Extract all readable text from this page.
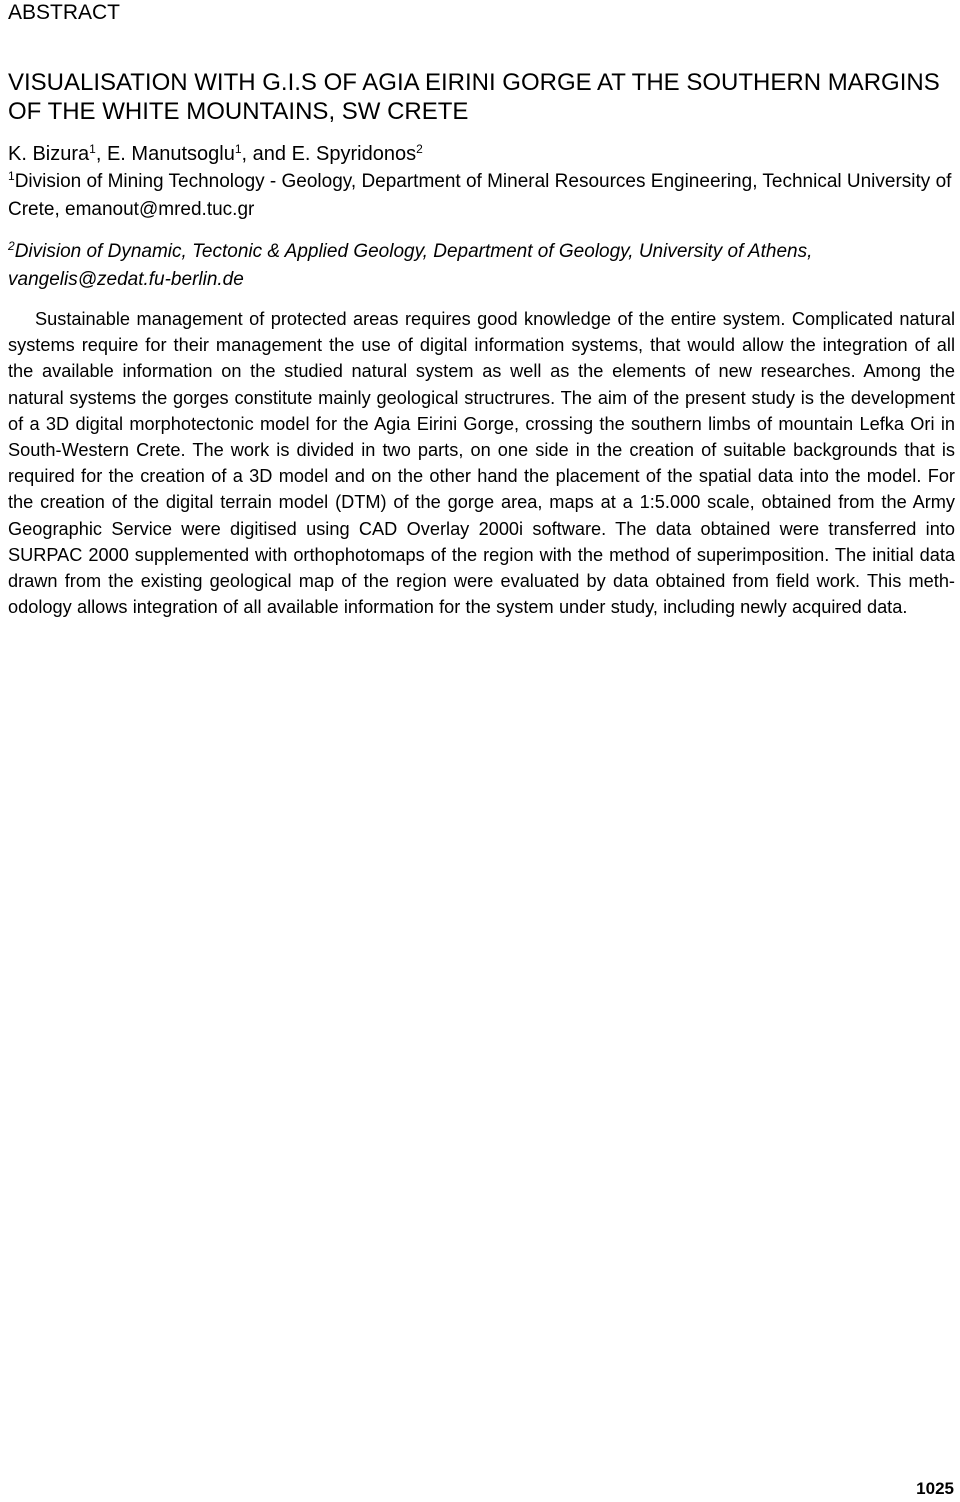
ABSTRACT
VISUALISATION WITH G.I.S OF AGIA EIRINI GORGE AT THE SOUTHERN MARGINS OF THE WHITE MOUNTAINS, SW CRETE
K. Bizura$^1$, E. Manutsoglu$^1$, and E. Spyridonos$^2$
$^1$Division of Mining Technology - Geology, Department of Mineral Resources Engineering, Technical University of Crete, emanout@mred.tuc.gr
$^2$Division of Dynamic, Tectonic & Applied Geology, Department of Geology, University of Athens, vangelis@zedat.fu-berlin.de
Sustainable management of protected areas requires good knowledge of the entire system. Complicated natural systems require for their management the use of digital information systems, that would allow the integration of all the available information on the studied natural system as well as the elements of new researches. Among the natural systems the gorges constitute mainly geological structrures. The aim of the present study is the development of a 3D digital morphotectonic model for the Agia Eirini Gorge, crossing the southern limbs of mountain Lefka Ori in South-Western Crete. The work is divided in two parts, on one side in the creation of suitable backgrounds that is required for the creation of a 3D model and on the other hand the placement of the spatial data into the model. For the creation of the digital terrain model (DTM) of the gorge area, maps at a 1:5.000 scale, obtained from the Army Geographic Service were digitised using CAD Overlay 2000i software. The data obtained were transferred into SURPAC 2000 supplemented with orthophotomaps of the region with the method of superimposition. The initial data drawn from the existing geological map of the region were evaluated by data obtained from field work. This meth-odology allows integration of all available information for the system under study, including newly acquired data.
1025
